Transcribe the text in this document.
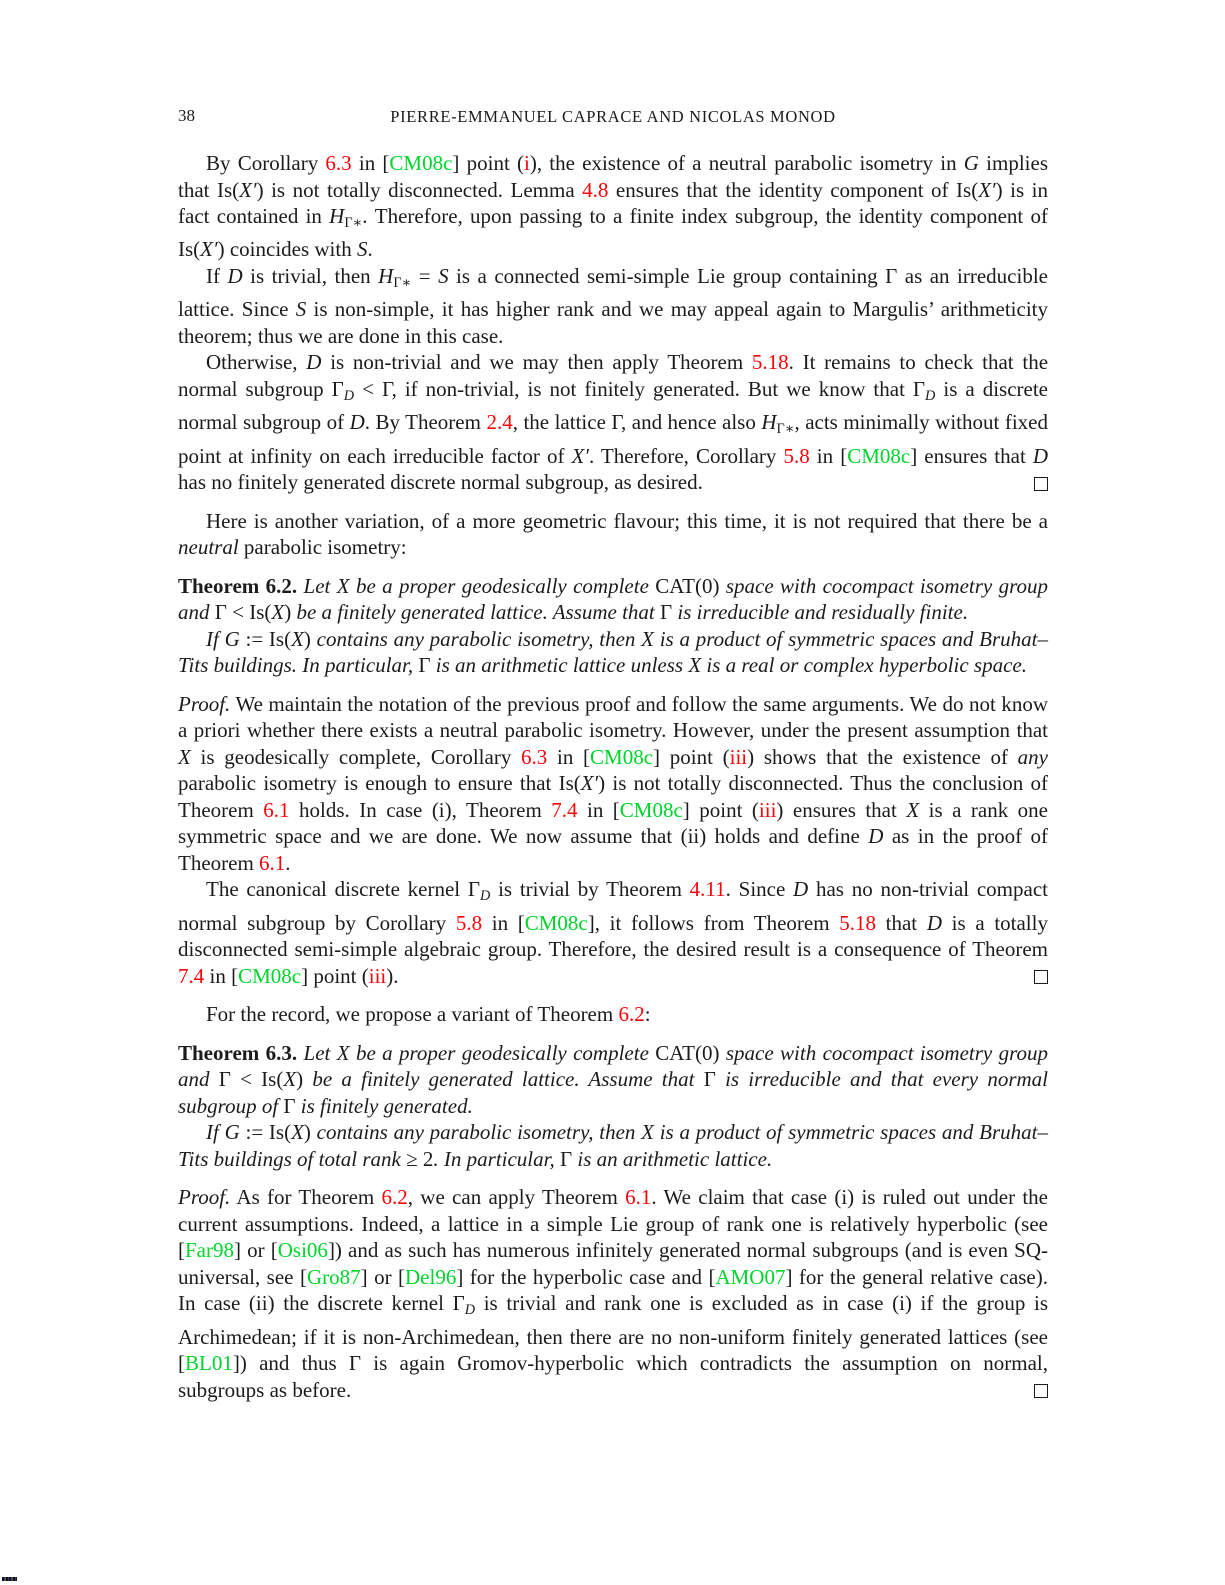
38	PIERRE-EMMANUEL CAPRACE AND NICOLAS MONOD

By Corollary 6.3 in [CM08c] point (i), the existence of a neutral parabolic isometry in G implies that Is(X′) is not totally disconnected. Lemma 4.8 ensures that the identity component of Is(X′) is in fact contained in HΓ∗. Therefore, upon passing to a finite index subgroup, the identity component of Is(X′) coincides with S.

If D is trivial, then HΓ∗ = S is a connected semi-simple Lie group containing Γ as an irreducible lattice. Since S is non-simple, it has higher rank and we may appeal again to Margulis’ arithmeticity theorem; thus we are done in this case.

Otherwise, D is non-trivial and we may then apply Theorem 5.18. It remains to check that the normal subgroup ΓD < Γ, if non-trivial, is not finitely generated. But we know that ΓD is a discrete normal subgroup of D. By Theorem 2.4, the lattice Γ, and hence also HΓ∗, acts minimally without fixed point at infinity on each irreducible factor of X′. Therefore, Corollary 5.8 in [CM08c] ensures that D has no finitely generated discrete normal subgroup, as desired.

Here is another variation, of a more geometric flavour; this time, it is not required that there be a neutral parabolic isometry:

Theorem 6.2. Let X be a proper geodesically complete CAT(0) space with cocompact isometry group and Γ < Is(X) be a finitely generated lattice. Assume that Γ is irreducible and residually finite.

If G := Is(X) contains any parabolic isometry, then X is a product of symmetric spaces and Bruhat–Tits buildings. In particular, Γ is an arithmetic lattice unless X is a real or complex hyperbolic space.

Proof. We maintain the notation of the previous proof and follow the same arguments. We do not know a priori whether there exists a neutral parabolic isometry. However, under the present assumption that X is geodesically complete, Corollary 6.3 in [CM08c] point (iii) shows that the existence of any parabolic isometry is enough to ensure that Is(X′) is not totally disconnected. Thus the conclusion of Theorem 6.1 holds. In case (i), Theorem 7.4 in [CM08c] point (iii) ensures that X is a rank one symmetric space and we are done. We now assume that (ii) holds and define D as in the proof of Theorem 6.1.

The canonical discrete kernel ΓD is trivial by Theorem 4.11. Since D has no non-trivial compact normal subgroup by Corollary 5.8 in [CM08c], it follows from Theorem 5.18 that D is a totally disconnected semi-simple algebraic group. Therefore, the desired result is a consequence of Theorem 7.4 in [CM08c] point (iii).

For the record, we propose a variant of Theorem 6.2:

Theorem 6.3. Let X be a proper geodesically complete CAT(0) space with cocompact isometry group and Γ < Is(X) be a finitely generated lattice. Assume that Γ is irreducible and that every normal subgroup of Γ is finitely generated.

If G := Is(X) contains any parabolic isometry, then X is a product of symmetric spaces and Bruhat–Tits buildings of total rank ≥ 2. In particular, Γ is an arithmetic lattice.

Proof. As for Theorem 6.2, we can apply Theorem 6.1. We claim that case (i) is ruled out under the current assumptions. Indeed, a lattice in a simple Lie group of rank one is relatively hyperbolic (see [Far98] or [Osi06]) and as such has numerous infinitely generated normal subgroups (and is even SQ-universal, see [Gro87] or [Del96] for the hyperbolic case and [AMO07] for the general relative case). In case (ii) the discrete kernel ΓD is trivial and rank one is excluded as in case (i) if the group is Archimedean; if it is non-Archimedean, then there are no non-uniform finitely generated lattices (see [BL01]) and thus Γ is again Gromov-hyperbolic which contradicts the assumption on normal, subgroups as before.
